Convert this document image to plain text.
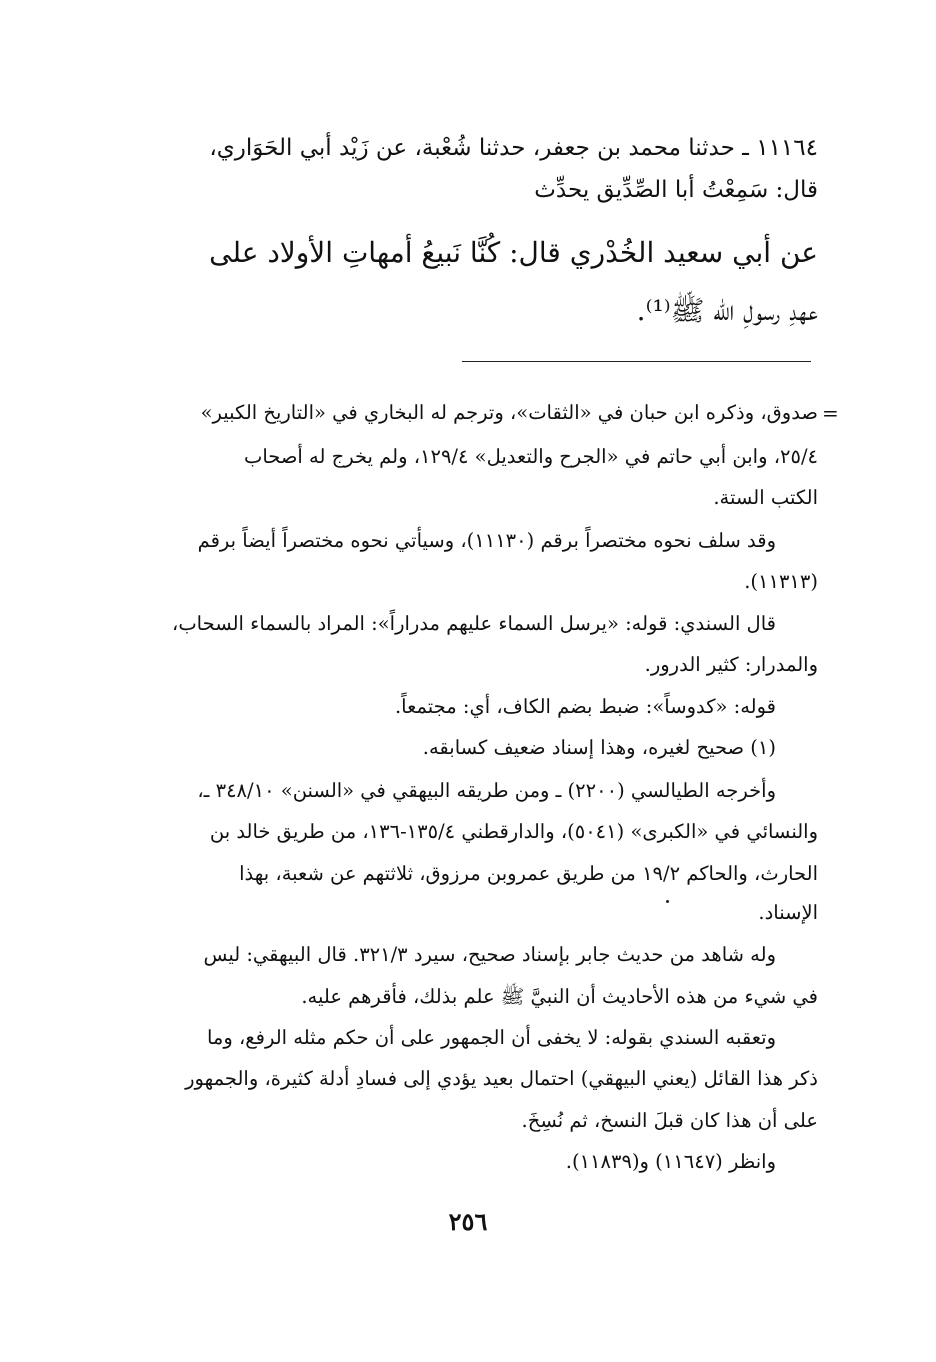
١١١٦٤ ـ حدثنا محمد بن جعفر، حدثنا شُعْبة، عن زَيْد أبي الحَوَاري،
قال: سَمِعْتُ أبا الصِّدِّيق يحدِّث
عن أبي سعيد الخُدْري قال: كُنَّا نَبيعُ أمهاتِ الأولاد على
عهدِ رسولِ الله ﷺ⁽¹⁾.
=
صدوق، وذكره ابن حبان في «الثقات»، وترجم له البخاري في «التاريخ الكبير»
٢٥/٤، وابن أبي حاتم في «الجرح والتعديل» ١٢٩/٤، ولم يخرج له أصحاب
الكتب الستة.
وقد سلف نحوه مختصراً برقم (١١١٣٠)، وسيأتي نحوه مختصراً أيضاً برقم
(١١٣١٣).
قال السندي: قوله: «يرسل السماء عليهم مدراراً»: المراد بالسماء السحاب،
والمدرار: كثير الدرور.
قوله: «كدوساً»: ضبط بضم الكاف، أي: مجتمعاً.
(١) صحيح لغيره، وهذا إسناد ضعيف كسابقه.
وأخرجه الطيالسي (٢٢٠٠) ـ ومن طريقه البيهقي في «السنن» ٣٤٨/١٠ ـ،
والنسائي في «الكبرى» (٥٠٤١)، والدارقطني ١٣٥/٤-١٣٦، من طريق خالد بن
الحارث، والحاكم ١٩/٢ من طريق عمروبن مرزوق، ثلاثتهم عن شعبة، بهذا
الإسناد.
وله شاهد من حديث جابر بإسناد صحيح، سيرد ٣٢١/٣. قال البيهقي: ليس
في شيء من هذه الأحاديث أن النبيَّ ﷺ علم بذلك، فأقرهم عليه.
وتعقبه السندي بقوله: لا يخفى أن الجمهور على أن حكم مثله الرفع، وما
ذكر هذا القائل (يعني البيهقي) احتمال بعيد يؤدي إلى فسادِ أدلة كثيرة، والجمهور
على أن هذا كان قبلَ النسخ، ثم نُسِخَ.
وانظر (١١٦٤٧) و(١١٨٣٩).
٢٥٦
